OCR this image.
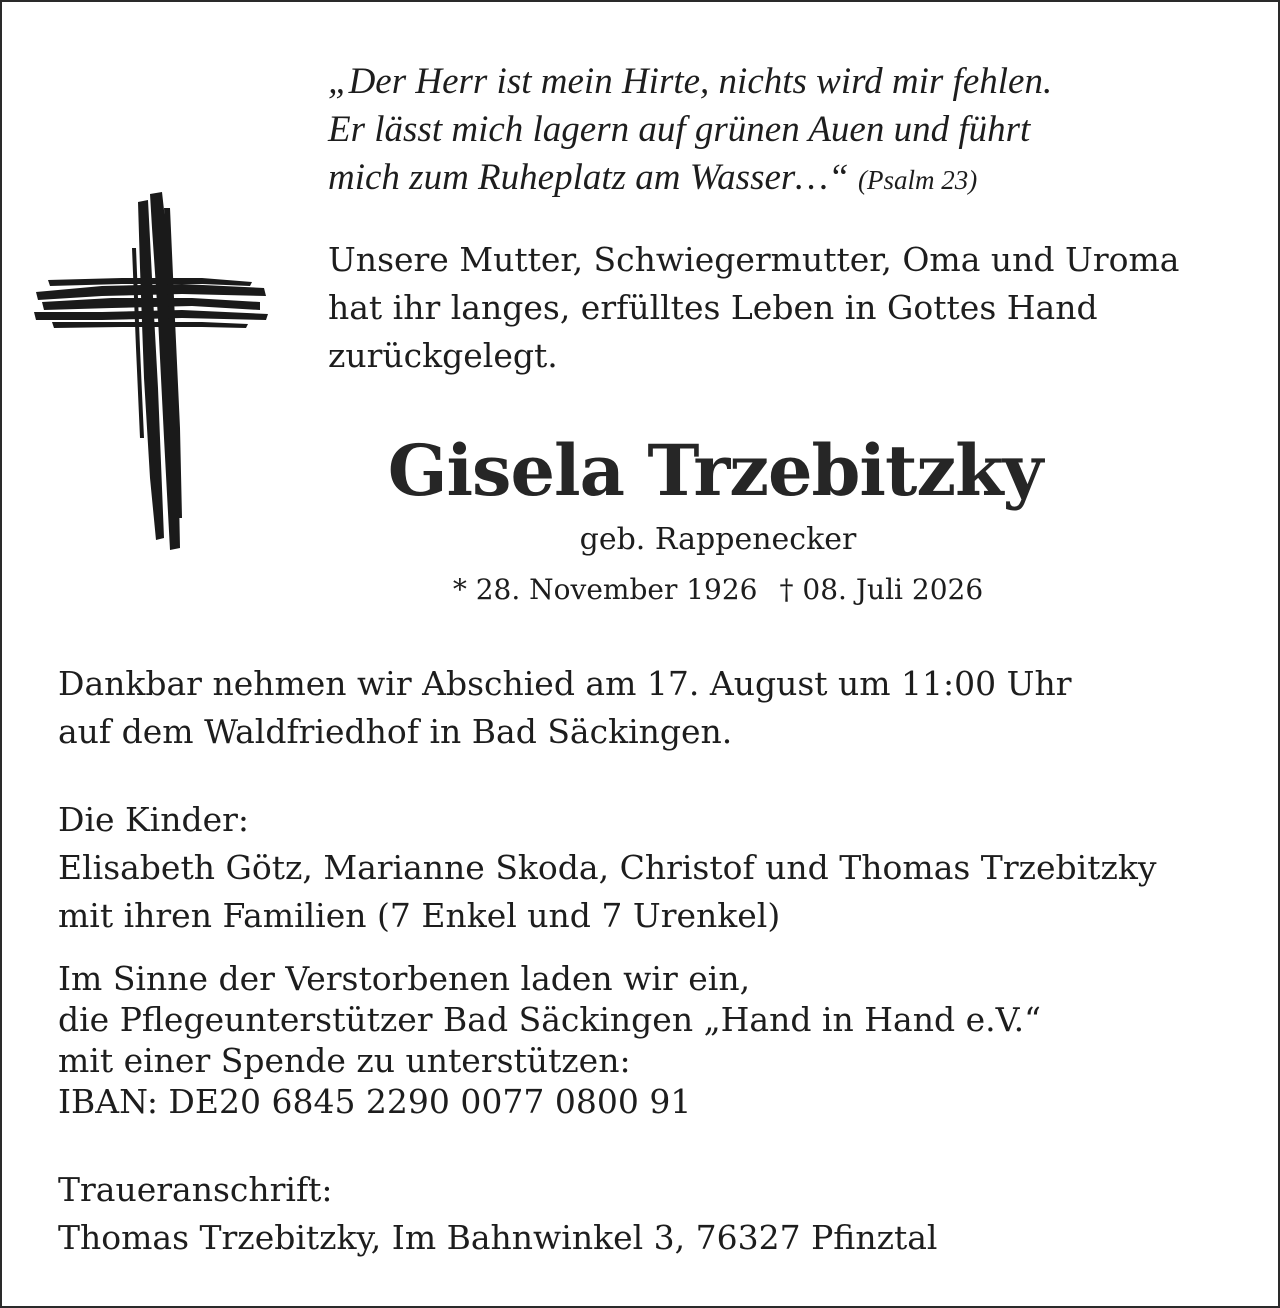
„Der Herr ist mein Hirte, nichts wird mir fehlen.
Er lässt mich lagern auf grünen Auen und führt
mich zum Ruheplatz am Wasser…“ (Psalm 23)

Unsere Mutter, Schwiegermutter, Oma und Uroma
hat ihr langes, erfülltes Leben in Gottes Hand
zurückgelegt.

Gisela Trzebitzky

geb. Rappenecker

* 28. November 1926 † 08. Juli 2026

Dankbar nehmen wir Abschied am 17. August um 11:00 Uhr
auf dem Waldfriedhof in Bad Säckingen.

Die Kinder:
Elisabeth Götz, Marianne Skoda, Christof und Thomas Trzebitzky
mit ihren Familien (7 Enkel und 7 Urenkel)

Im Sinne der Verstorbenen laden wir ein,
die Pflegeunterstützer Bad Säckingen „Hand in Hand e.V.“
mit einer Spende zu unterstützen:
IBAN: DE20 6845 2290 0077 0800 91

Traueranschrift:
Thomas Trzebitzky, Im Bahnwinkel 3, 76327 Pfinztal
